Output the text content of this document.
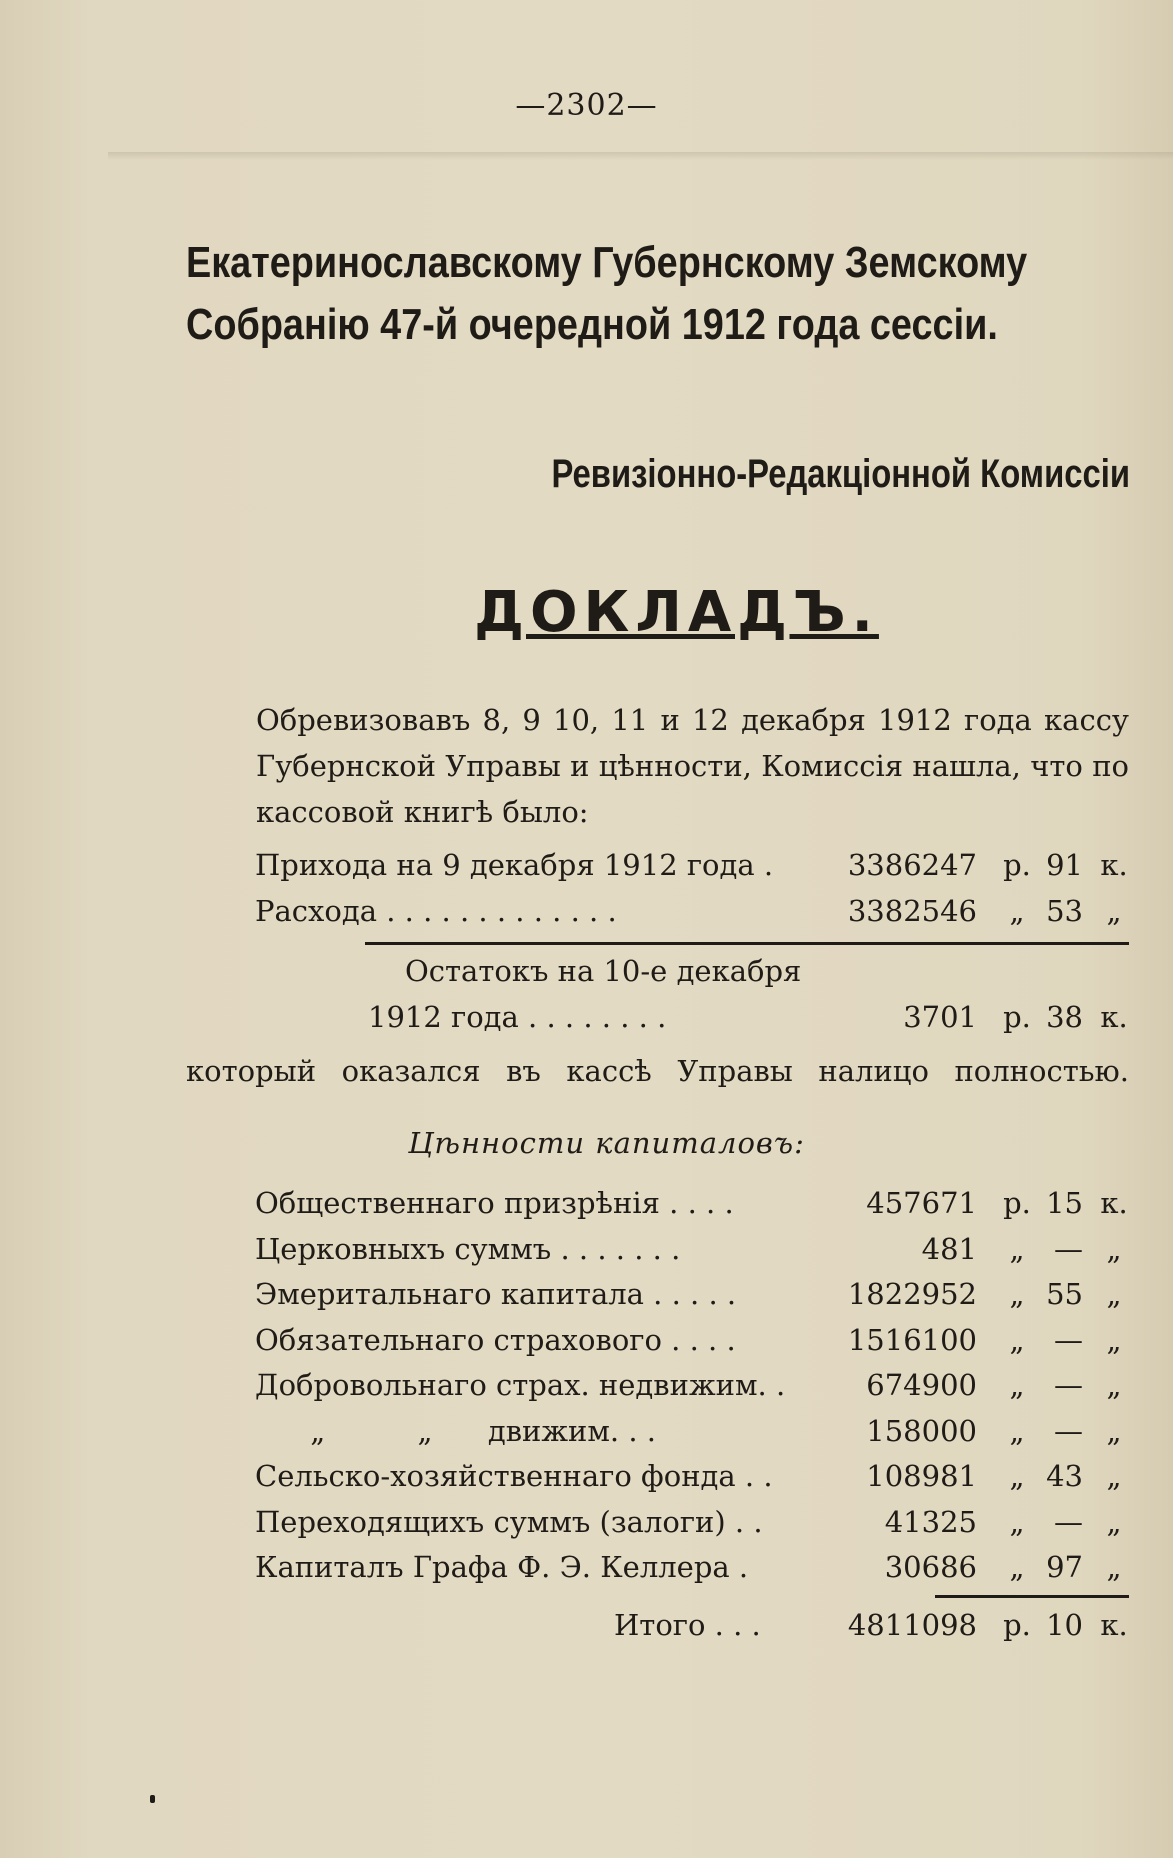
—2302—
Екатеринославскому Губернскому Земскому
Собранію 47-й очередной 1912 года сессіи.
Ревизіонно-Редакціонной Комиссіи
ДОКЛАДЪ.
Обревизовавъ 8, 9 10, 11 и 12 декабря 1912 года кассу Губернской Управы и цѣнности, Комиссія нашла, что по кассовой книгѣ было:
Прихода на 9 декабря 1912 года .	3386247 р. 91 к.
Расхода . . . . . . . . . . . . .	3382546	„ 53 „
Остатокъ на 10-е декабря
1912 года . . . . . . . .	3701 р. 38 к.
который оказался въ кассѣ Управы налицо полностью.
Цѣнности капиталовъ:
Общественнаго призрѣнія . . . .	457671 р. 15 к.
Церковныхъ суммъ . . . . . . .	481	„	— „
Эмеритальнаго капитала . . . . .	1822952	„ 55 „
Обязательнаго страхового . . . .	1516100	„	— „
Добровольнаго страх. недвижим. .	674900	„	— „
„          „      движим. . .	158000	„	— „
Сельско-хозяйственнаго фонда . .	108981	„ 43 „
Переходящихъ суммъ (залоги) . .	41325	„	— „
Капиталъ Графа Ф. Э. Келлера .	30686	„ 97 „
Итого . . .	4811098 р. 10 к.
